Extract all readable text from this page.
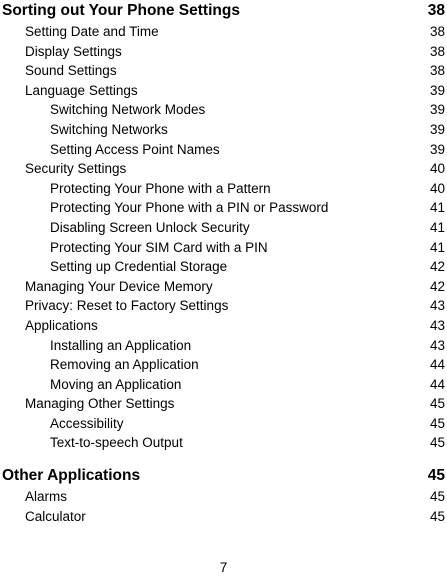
Sorting out Your Phone Settings	38
Setting Date and Time	38
Display Settings	38
Sound Settings	38
Language Settings	39
Switching Network Modes	39
Switching Networks	39
Setting Access Point Names	39
Security Settings	40
Protecting Your Phone with a Pattern	40
Protecting Your Phone with a PIN or Password	41
Disabling Screen Unlock Security	41
Protecting Your SIM Card with a PIN	41
Setting up Credential Storage	42
Managing Your Device Memory	42
Privacy: Reset to Factory Settings	43
Applications	43
Installing an Application	43
Removing an Application	44
Moving an Application	44
Managing Other Settings	45
Accessibility	45
Text-to-speech Output	45
Other Applications	45
Alarms	45
Calculator	45
7
